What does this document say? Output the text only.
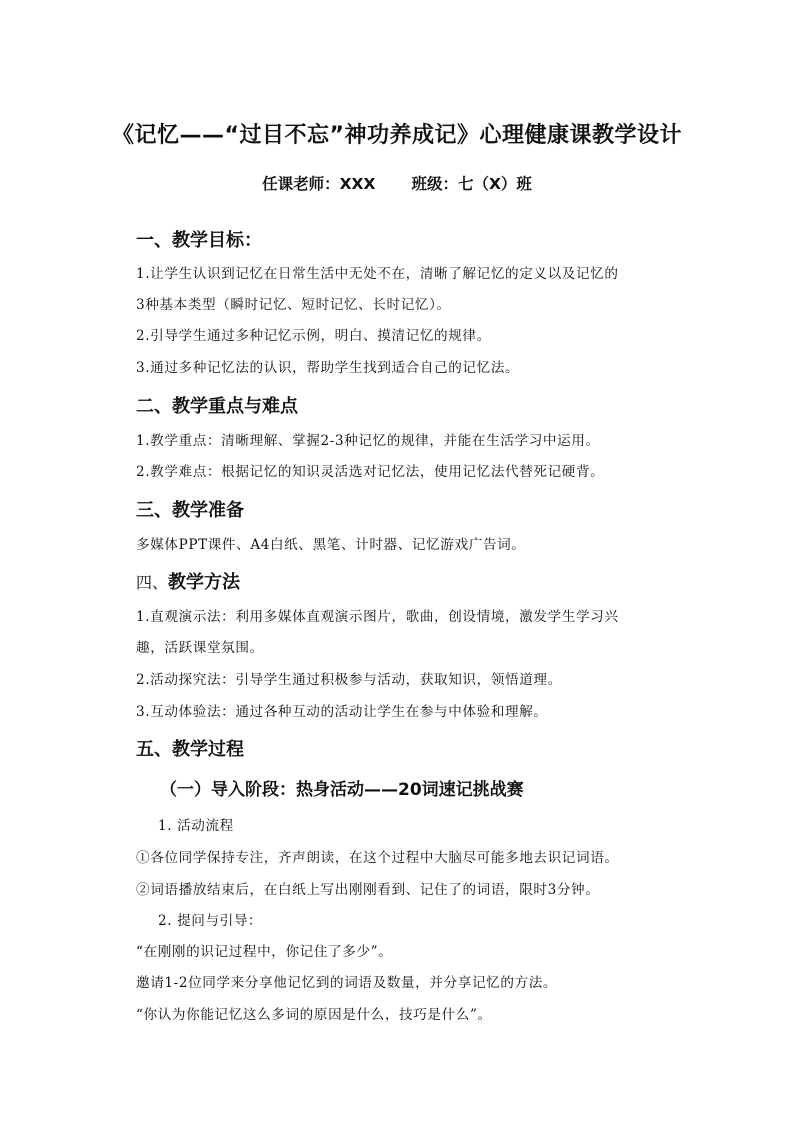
《记忆——“过目不忘”神功养成记》心理健康课教学设计
任课老师：XXX 班级：七（X）班
一、教学目标：
1.让学生认识到记忆在日常生活中无处不在，清晰了解记忆的定义以及记忆的
3种基本类型（瞬时记忆、短时记忆、长时记忆）。
2.引导学生通过多种记忆示例，明白、摸清记忆的规律。
3.通过多种记忆法的认识，帮助学生找到适合自己的记忆法。
二、教学重点与难点
1.教学重点：清晰理解、掌握2-3种记忆的规律，并能在生活学习中运用。
2.教学难点：根据记忆的知识灵活选对记忆法，使用记忆法代替死记硬背。
三、教学准备
多媒体PPT课件、A4白纸、黑笔、计时器、记忆游戏广告词。
四、教学方法
1.直观演示法：利用多媒体直观演示图片，歌曲，创设情境，激发学生学习兴
趣，活跃课堂氛围。
2.活动探究法：引导学生通过积极参与活动，获取知识，领悟道理。
3.互动体验法：通过各种互动的活动让学生在参与中体验和理解。
五、教学过程
（一）导入阶段：热身活动——20词速记挑战赛
1. 活动流程
①各位同学保持专注，齐声朗读，在这个过程中大脑尽可能多地去识记词语。
②词语播放结束后，在白纸上写出刚刚看到、记住了的词语，限时3分钟。
2. 提问与引导：
“在刚刚的识记过程中，你记住了多少”。
邀请1-2位同学来分享他记忆到的词语及数量，并分享记忆的方法。
“你认为你能记忆这么多词的原因是什么，技巧是什么”。
